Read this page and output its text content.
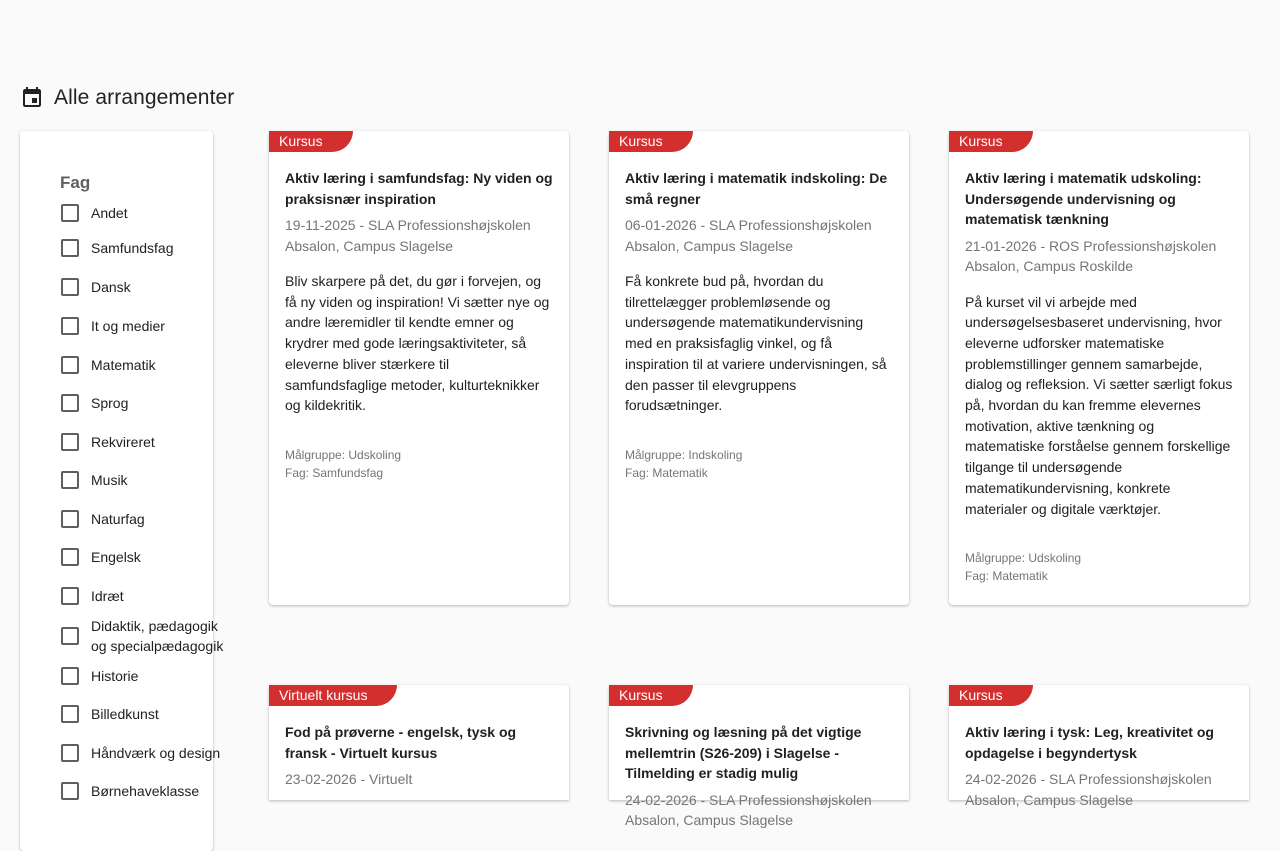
Alle arrangementer
Fag
Andet
Samfundsfag
Dansk
It og medier
Matematik
Sprog
Rekvireret
Musik
Naturfag
Engelsk
Idræt
Didaktik, pædagogik og specialpædagogik
Historie
Billedkunst
Håndværk og design
Børnehaveklasse
Kursus
Aktiv læring i samfundsfag: Ny viden og praksisnær inspiration
19-11-2025 - SLA Professionshøjskolen Absalon, Campus Slagelse

Bliv skarpere på det, du gør i forvejen, og få ny viden og inspiration! Vi sætter nye og andre læremidler til kendte emner og krydrer med gode læringsaktiviteter, så eleverne bliver stærkere til samfundsfaglige metoder, kulturteknikker og kildekritik.

Målgruppe: Udskoling
Fag: Samfundsfag
Kursus
Aktiv læring i matematik indskoling: De små regner
06-01-2026 - SLA Professionshøjskolen Absalon, Campus Slagelse

Få konkrete bud på, hvordan du tilrettelægger problemløsende og undersøgende matematikundervisning med en praksisfaglig vinkel, og få inspiration til at variere undervisningen, så den passer til elevgruppens forudsætninger.

Målgruppe: Indskoling
Fag: Matematik
Kursus
Aktiv læring i matematik udskoling: Undersøgende undervisning og matematisk tænkning
21-01-2026 - ROS Professionshøjskolen Absalon, Campus Roskilde

På kurset vil vi arbejde med undersøgelsesbaseret undervisning, hvor eleverne udforsker matematiske problemstillinger gennem samarbejde, dialog og refleksion. Vi sætter særligt fokus på, hvordan du kan fremme elevernes motivation, aktive tænkning og matematiske forståelse gennem forskellige tilgange til undersøgende matematikundervisning, konkrete materialer og digitale værktøjer.

Målgruppe: Udskoling
Fag: Matematik
Virtuelt kursus
Fod på prøverne - engelsk, tysk og fransk - Virtuelt kursus
23-02-2026 - Virtuelt
Kursus
Skrivning og læsning på det vigtige mellemtrin (S26-209) i Slagelse - Tilmelding er stadig mulig
24-02-2026 - SLA Professionshøjskolen Absalon, Campus Slagelse
Kursus
Aktiv læring i tysk: Leg, kreativitet og opdagelse i begyndertysk
24-02-2026 - SLA Professionshøjskolen Absalon, Campus Slagelse
